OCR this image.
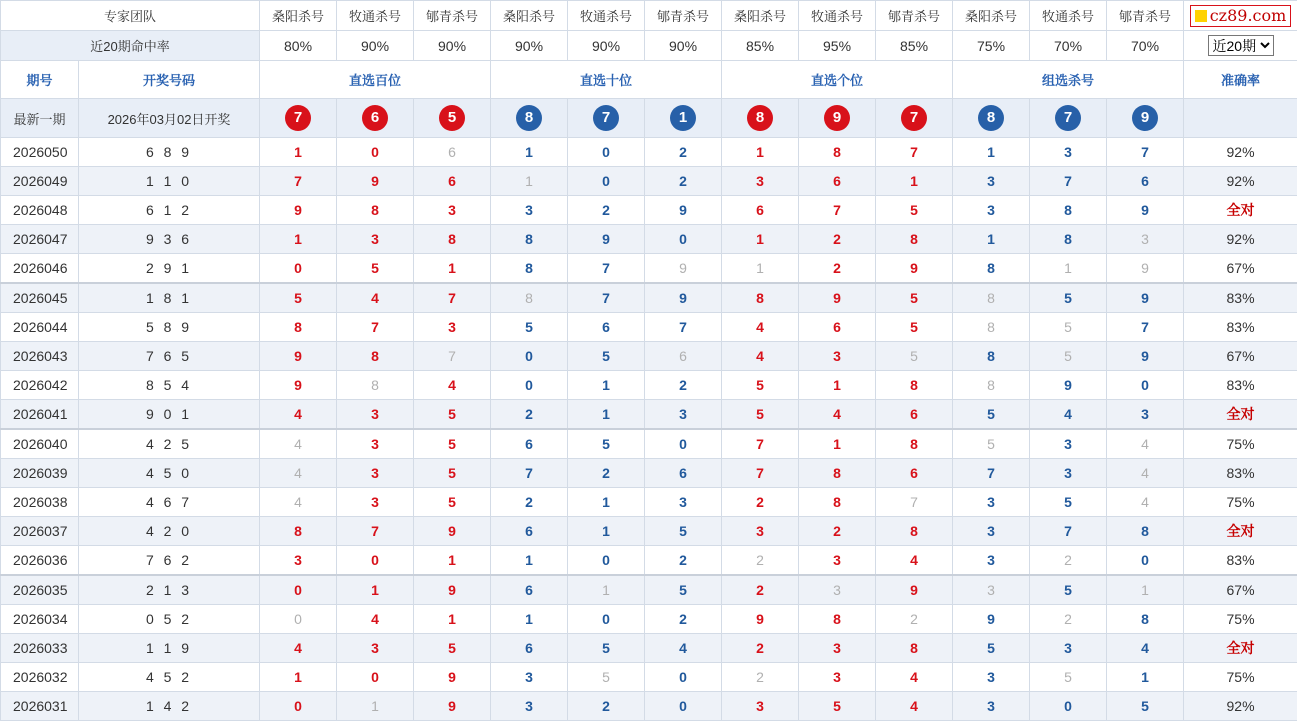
专家团队		桑阳杀号	牧通杀号	郇青杀号	桑阳杀号	牧通杀号	郇青杀号	桑阳杀号	牧通杀号	郇青杀号	桑阳杀号	牧通杀号	郇青杀号	cz89.com

近20期命中率		80%	90%	90%	90%	90%	90%	85%	95%	85%	75%	70%	70%	
近20期
期号	开奖号码	直选百位			直选十位			直选个位			组选杀号			准确率
最新一期	2026年03月02日开奖	7	6	5	8	7	1	8	9	7	8	7	9	
2026050	6 8 9	1	0	6	1	0	2	1	8	7	1	3	7	92%
2026049	1 1 0	7	9	6	1	0	2	3	6	1	3	7	6	92%
2026048	6 1 2	9	8	3	3	2	9	6	7	5	3	8	9	全对
2026047	9 3 6	1	3	8	8	9	0	1	2	8	1	8	3	92%
2026046	2 9 1	0	5	1	8	7	9	1	2	9	8	1	9	67%
2026045	1 8 1	5	4	7	8	7	9	8	9	5	8	5	9	83%
2026044	5 8 9	8	7	3	5	6	7	4	6	5	8	5	7	83%
2026043	7 6 5	9	8	7	0	5	6	4	3	5	8	5	9	67%
2026042	8 5 4	9	8	4	0	1	2	5	1	8	8	9	0	83%
2026041	9 0 1	4	3	5	2	1	3	5	4	6	5	4	3	全对
2026040	4 2 5	4	3	5	6	5	0	7	1	8	5	3	4	75%
2026039	4 5 0	4	3	5	7	2	6	7	8	6	7	3	4	83%
2026038	4 6 7	4	3	5	2	1	3	2	8	7	3	5	4	75%
2026037	4 2 0	8	7	9	6	1	5	3	2	8	3	7	8	全对
2026036	7 6 2	3	0	1	1	0	2	2	3	4	3	2	0	83%
2026035	2 1 3	0	1	9	6	1	5	2	3	9	3	5	1	67%
2026034	0 5 2	0	4	1	1	0	2	9	8	2	9	2	8	75%
2026033	1 1 9	4	3	5	6	5	4	2	3	8	5	3	4	全对
2026032	4 5 2	1	0	9	3	5	0	2	3	4	3	5	1	75%
2026031	1 4 2	0	1	9	3	2	0	3	5	4	3	0	5	92%
